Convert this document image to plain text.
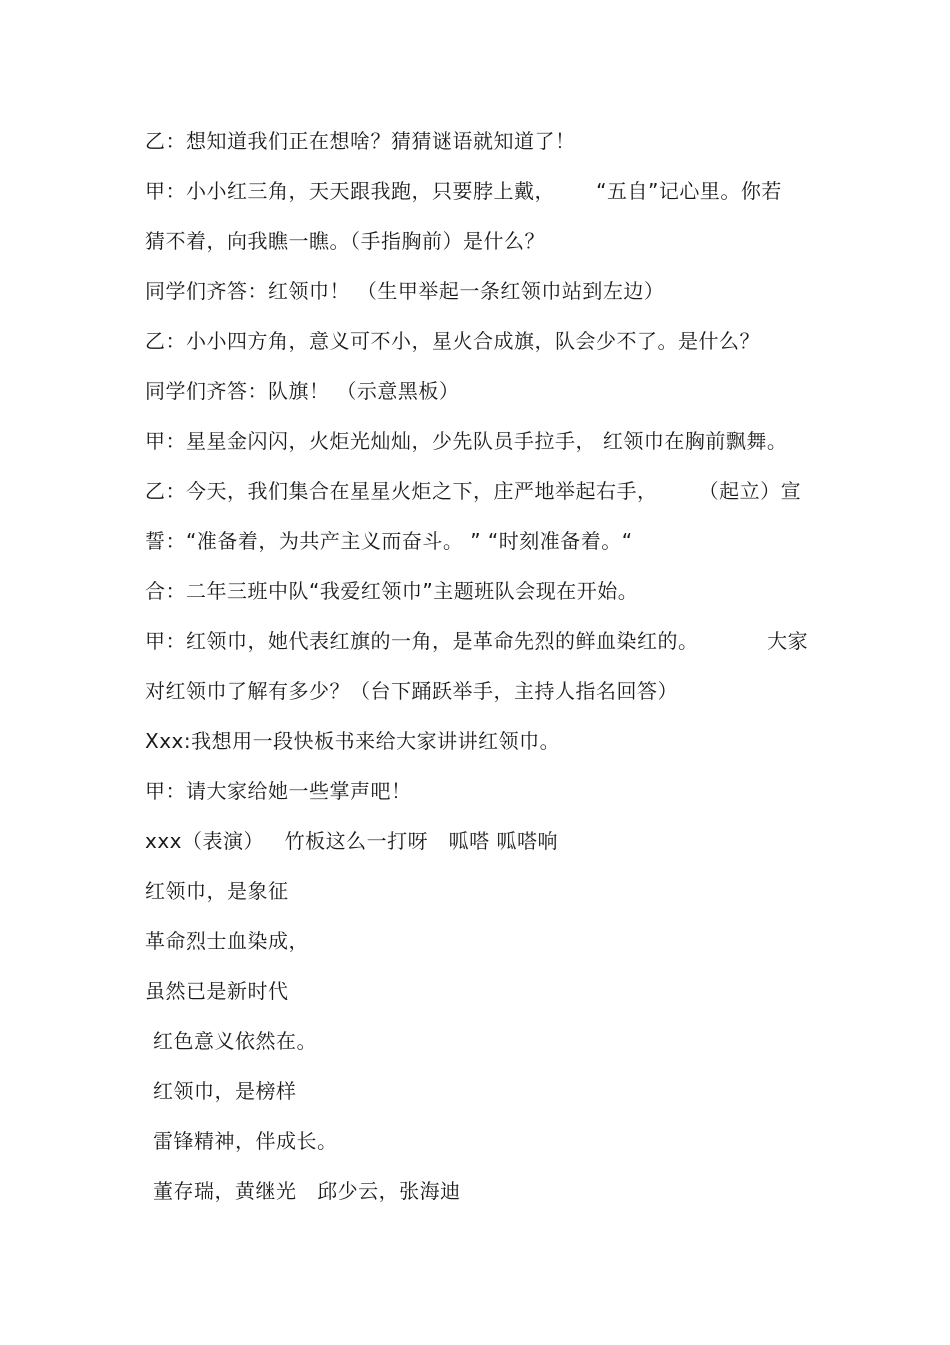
乙：想知道我们正在想啥？猜猜谜语就知道了！
甲：小小红三角，天天跟我跑，只要脖上戴，      “五自”记心里。你若
猜不着，向我瞧一瞧。（手指胸前）是什么？
同学们齐答：红领巾！ （生甲举起一条红领巾站到左边）
乙：小小四方角，意义可不小，星火合成旗，队会少不了。是什么？
同学们齐答：队旗！ （示意黑板）
甲：星星金闪闪，火炬光灿灿，少先队员手拉手， 红领巾在胸前飘舞。
乙：今天，我们集合在星星火炬之下，庄严地举起右手，      （起立）宣
誓：“准备着，为共产主义而奋斗。 ” “时刻准备着。“
合：二年三班中队“我爱红领巾”主题班队会现在开始。
甲：红领巾，她代表红旗的一角，是革命先烈的鲜血染红的。          大家
对红领巾了解有多少？（台下踊跃举手，主持人指名回答）
Xxx:我想用一段快板书来给大家讲讲红领巾。
甲：请大家给她一些掌声吧！
xxx（表演）   竹板这么一打呀   呱嗒 呱嗒响
红领巾，是象征
革命烈士血染成，
虽然已是新时代
红色意义依然在。
红领巾，是榜样
雷锋精神，伴成长。
董存瑞，黄继光   邱少云，张海迪
